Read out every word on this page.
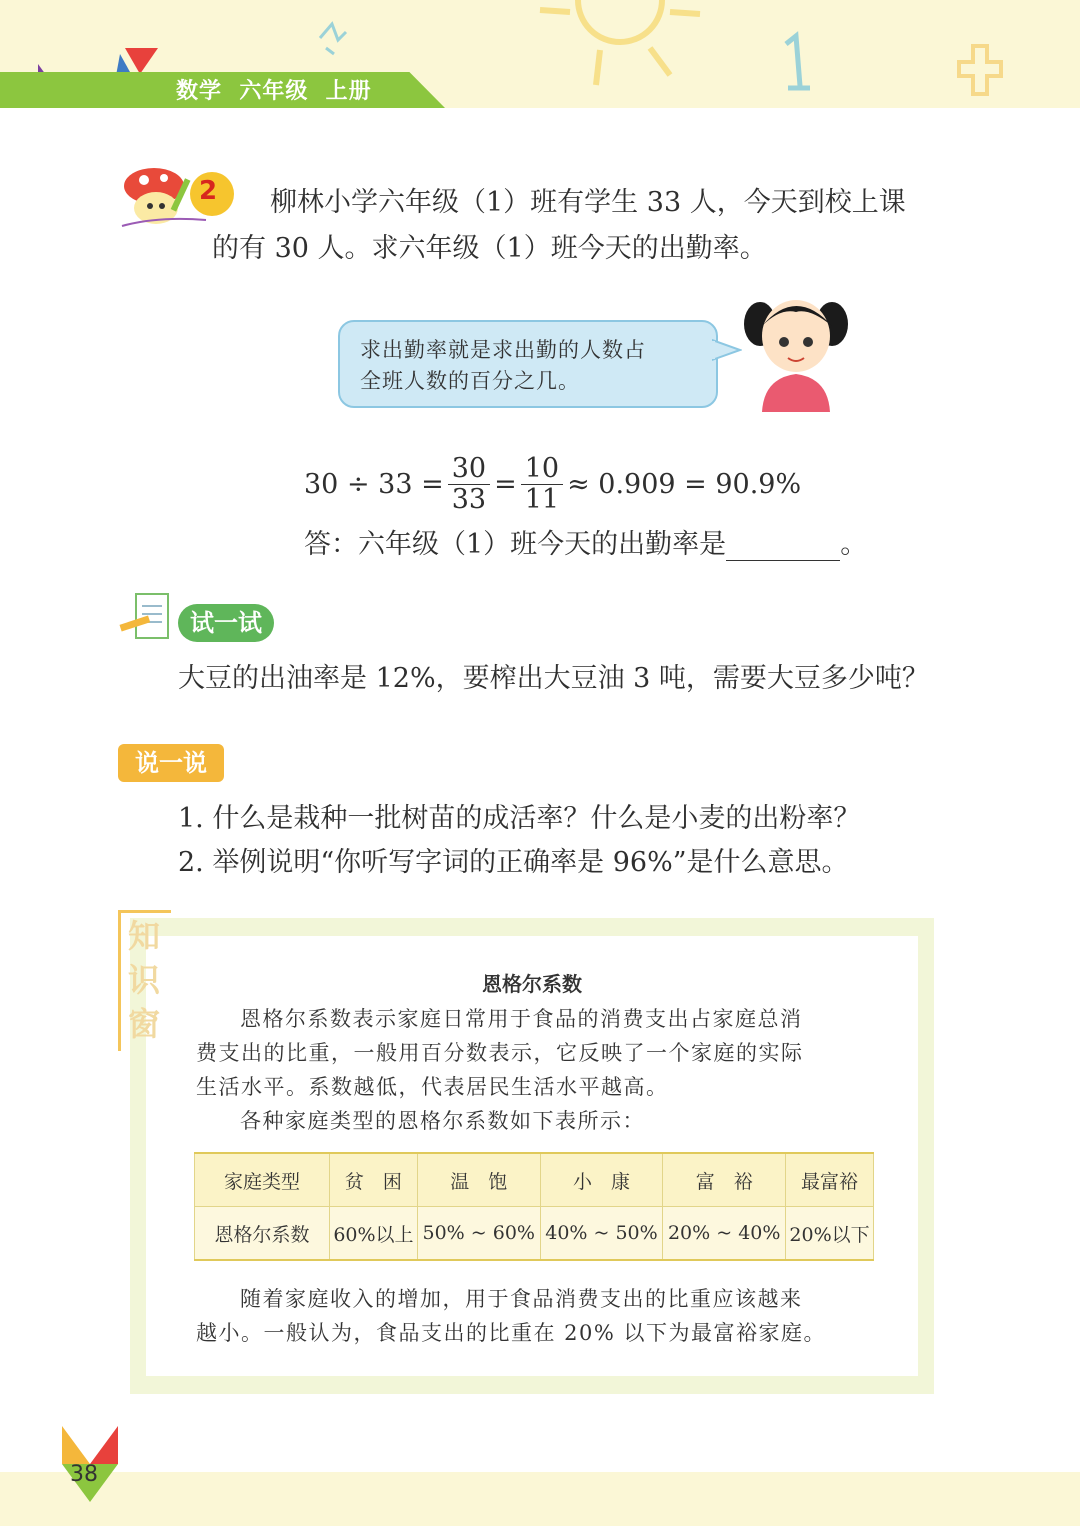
数学  六年级  上册
2	柳林小学六年级（1）班有学生 33 人，今天到校上课
的有 30 人。求六年级（1）班今天的出勤率。
求出勤率就是求出勤的人数占
全班人数的百分之几。
$30 \div 33 = \frac{30}{33} = \frac{10}{11} \approx 0.909 = 90.9\%$
答：六年级（1）班今天的出勤率是	。
试一试
大豆的出油率是 12%，要榨出大豆油 3 吨，需要大豆多少吨？
说一说
1. 什么是栽种一批树苗的成活率？什么是小麦的出粉率？
2. 举例说明“你听写字词的正确率是 96%”是什么意思。
知
识
窗
恩格尔系数
恩格尔系数表示家庭日常用于食品的消费支出占家庭总消
费支出的比重，一般用百分数表示，它反映了一个家庭的实际
生活水平。系数越低，代表居民生活水平越高。
各种家庭类型的恩格尔系数如下表所示：
家庭类型	贫　困	温　饱	小　康	富　裕	最富裕
恩格尔系数	60%以上	50% ~ 60%	40% ~ 50%	20% ~ 40%	20%以下
随着家庭收入的增加，用于食品消费支出的比重应该越来
越小。一般认为，食品支出的比重在 20% 以下为最富裕家庭。
38
